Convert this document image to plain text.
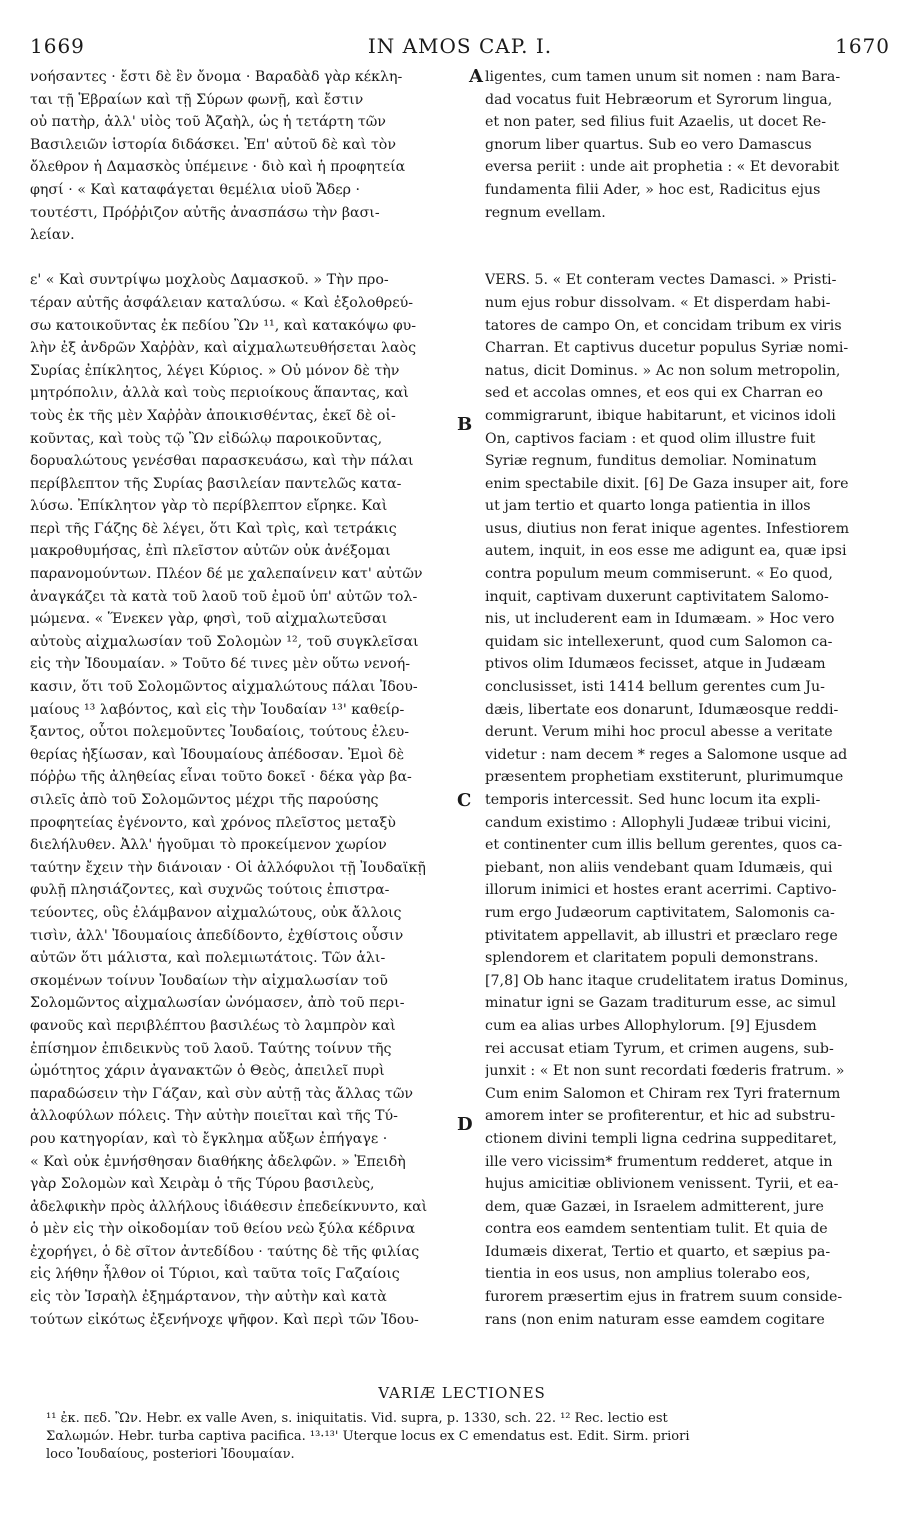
1669	IN AMOS CAP. I.	1670
νοήσαντες · ἔστι δὲ ἓν ὄνομα · Βαραδὰδ γὰρ κέκλη-
ται τῇ Ἑβραίων καὶ τῇ Σύρων φωνῇ, καὶ ἔστιν
οὐ πατὴρ, ἀλλ' υἱὸς τοῦ Ἀζαὴλ, ὡς ἡ τετάρτη τῶν
Βασιλειῶν ἱστορία διδάσκει. Ἐπ' αὐτοῦ δὲ καὶ τὸν
ὄλεθρον ἡ Δαμασκὸς ὑπέμεινε · διὸ καὶ ἡ προφητεία
φησί · « Καὶ καταφάγεται θεμέλια υἱοῦ Ἄδερ ·
τουτέστι, Πρόῤῥιζον αὐτῆς ἀνασπάσω τὴν βασι-
λείαν.
ε' « Καὶ συντρίψω μοχλοὺς Δαμασκοῦ. » Τὴν προ-
τέραν αὐτῆς ἀσφάλειαν καταλύσω. « Καὶ ἐξολοθρεύ-
σω κατοικοῦντας ἐκ πεδίου Ὢν ¹¹, καὶ κατακόψω φυ-
λὴν ἐξ ἀνδρῶν Χαῤῥὰν, καὶ αἰχμαλωτευθήσεται λαὸς
Συρίας ἐπίκλητος, λέγει Κύριος. » Οὐ μόνον δὲ τὴν
μητρόπολιν, ἀλλὰ καὶ τοὺς περιοίκους ἅπαντας, καὶ
τοὺς ἐκ τῆς μὲν Χαῤῥὰν ἀποικισθέντας, ἐκεῖ δὲ οἰ-
κοῦντας, καὶ τοὺς τῷ Ὢν εἰδώλῳ παροικοῦντας,
δορυαλώτους γενέσθαι παρασκευάσω, καὶ τὴν πάλαι
περίβλεπτον τῆς Συρίας βασιλείαν παντελῶς κατα-
λύσω. Ἐπίκλητον γὰρ τὸ περίβλεπτον εἴρηκε. Καὶ
περὶ τῆς Γάζης δὲ λέγει, ὅτι Καὶ τρὶς, καὶ τετράκις
μακροθυμήσας, ἐπὶ πλεῖστον αὐτῶν οὐκ ἀνέξομαι
παρανομούντων. Πλέον δέ με χαλεπαίνειν κατ' αὐτῶν
ἀναγκάζει τὰ κατὰ τοῦ λαοῦ τοῦ ἐμοῦ ὑπ' αὐτῶν τολ-
μώμενα. « Ἕνεκεν γὰρ, φησὶ, τοῦ αἰχμαλωτεῦσαι
αὐτοὺς αἰχμαλωσίαν τοῦ Σολομὼν ¹², τοῦ συγκλεῖσαι
εἰς τὴν Ἰδουμαίαν. » Τοῦτο δέ τινες μὲν οὕτω νενοή-
κασιν, ὅτι τοῦ Σολομῶντος αἰχμαλώτους πάλαι Ἰδου-
μαίους ¹³ λαβόντος, καὶ εἰς τὴν Ἰουδαίαν ¹³' καθείρ-
ξαντος, οὗτοι πολεμοῦντες Ἰουδαίοις, τούτους ἐλευ-
θερίας ἠξίωσαν, καὶ Ἰδουμαίους ἀπέδοσαν. Ἐμοὶ δὲ
πόῤῥω τῆς ἀληθείας εἶναι τοῦτο δοκεῖ · δέκα γὰρ βα-
σιλεῖς ἀπὸ τοῦ Σολομῶντος μέχρι τῆς παρούσης
προφητείας ἐγένοντο, καὶ χρόνος πλεῖστος μεταξὺ
διελήλυθεν. Ἀλλ' ἡγοῦμαι τὸ προκείμενον χωρίον
ταύτην ἔχειν τὴν διάνοιαν · Οἱ ἀλλόφυλοι τῇ Ἰουδαϊκῇ
φυλῇ πλησιάζοντες, καὶ συχνῶς τούτοις ἐπιστρα-
τεύοντες, οὓς ἐλάμβανον αἰχμαλώτους, οὐκ ἄλλοις
τισὶν, ἀλλ' Ἰδουμαίοις ἀπεδίδοντο, ἐχθίστοις οὖσιν
αὐτῶν ὅτι μάλιστα, καὶ πολεμιωτάτοις. Τῶν ἁλι-
σκομένων τοίνυν Ἰουδαίων τὴν αἰχμαλωσίαν τοῦ
Σολομῶντος αἰχμαλωσίαν ὠνόμασεν, ἀπὸ τοῦ περι-
φανοῦς καὶ περιβλέπτου βασιλέως τὸ λαμπρὸν καὶ
ἐπίσημον ἐπιδεικνὺς τοῦ λαοῦ. Ταύτης τοίνυν τῆς
ὠμότητος χάριν ἀγανακτῶν ὁ Θεὸς, ἀπειλεῖ πυρὶ
παραδώσειν τὴν Γάζαν, καὶ σὺν αὐτῇ τὰς ἄλλας τῶν
ἀλλοφύλων πόλεις. Τὴν αὐτὴν ποιεῖται καὶ τῆς Τύ-
ρου κατηγορίαν, καὶ τὸ ἔγκλημα αὔξων ἐπήγαγε ·
« Καὶ οὐκ ἐμνήσθησαν διαθήκης ἀδελφῶν. » Ἐπειδὴ
γὰρ Σολομὼν καὶ Χειρὰμ ὁ τῆς Τύρου βασιλεὺς,
ἀδελφικὴν πρὸς ἀλλήλους ἰδιάθεσιν ἐπεδείκνυντο, καὶ
ὁ μὲν εἰς τὴν οἰκοδομίαν τοῦ θείου νεὼ ξύλα κέδρινα
ἐχορήγει, ὁ δὲ σῖτον ἀντεδίδου · ταύτης δὲ τῆς φιλίας
εἰς λήθην ἦλθον οἱ Τύριοι, καὶ ταῦτα τοῖς Γαζαίοις
εἰς τὸν Ἰσραὴλ ἐξημάρτανον, τὴν αὐτὴν καὶ κατὰ
τούτων εἰκότως ἐξενήνοχε ψῆφον. Καὶ περὶ τῶν Ἰδου-
ligentes, cum tamen unum sit nomen : nam Bara-
dad vocatus fuit Hebræorum et Syrorum lingua,
et non pater, sed filius fuit Azaelis, ut docet Re-
gnorum liber quartus. Sub eo vero Damascus
eversa periit : unde ait prophetia : « Et devorabit
fundamenta filii Ader, » hoc est, Radicitus ejus
regnum evellam.
VERS. 5. « Et conteram vectes Damasci. » Pristi-
num ejus robur dissolvam. « Et disperdam habi-
tatores de campo On, et concidam tribum ex viris
Charran. Et captivus ducetur populus Syriæ nomi-
natus, dicit Dominus. » Ac non solum metropolin,
sed et accolas omnes, et eos qui ex Charran eo
commigrarunt, ibique habitarunt, et vicinos idoli
On, captivos faciam : et quod olim illustre fuit
Syriæ regnum, funditus demoliar. Nominatum
enim spectabile dixit. [6] De Gaza insuper ait, fore
ut jam tertio et quarto longa patientia in illos
usus, diutius non ferat inique agentes. Infestiorem
autem, inquit, in eos esse me adigunt ea, quæ ipsi
contra populum meum commiserunt. « Eo quod,
inquit, captivam duxerunt captivitatem Salomo-
nis, ut includerent eam in Idumæam. » Hoc vero
quidam sic intellexerunt, quod cum Salomon ca-
ptivos olim Idumæos fecisset, atque in Judæam
conclusisset, isti 1414 bellum gerentes cum Ju-
dæis, libertate eos donarunt, Idumæosque reddi-
derunt. Verum mihi hoc procul abesse a veritate
videtur : nam decem * reges a Salomone usque ad
præsentem prophetiam exstiterunt, plurimumque
temporis intercessit. Sed hunc locum ita expli-
candum existimo : Allophyli Judææ tribui vicini,
et continenter cum illis bellum gerentes, quos ca-
piebant, non aliis vendebant quam Idumæis, qui
illorum inimici et hostes erant acerrimi. Captivo-
rum ergo Judæorum captivitatem, Salomonis ca-
ptivitatem appellavit, ab illustri et præclaro rege
splendorem et claritatem populi demonstrans.
[7,8] Ob hanc itaque crudelitatem iratus Dominus,
minatur igni se Gazam traditurum esse, ac simul
cum ea alias urbes Allophylorum. [9] Ejusdem
rei accusat etiam Tyrum, et crimen augens, sub-
junxit : « Et non sunt recordati fœderis fratrum. »
Cum enim Salomon et Chiram rex Tyri fraternum
amorem inter se profiterentur, et hic ad substru-
ctionem divini templi ligna cedrina suppeditaret,
ille vero vicissim* frumentum redderet, atque in
hujus amicitiæ oblivionem venissent. Tyrii, et ea-
dem, quæ Gazæi, in Israelem admitterent, jure
contra eos eamdem sententiam tulit. Et quia de
Idumæis dixerat, Tertio et quarto, et sæpius pa-
tientia in eos usus, non amplius tolerabo eos,
furorem præsertim ejus in fratrem suum conside-
rans (non enim naturam esse eamdem cogitare
A
B
C
D
VARIÆ LECTIONES
¹¹ ἐκ. πεδ. Ὢν. Hebr. ex valle Aven, s. iniquitatis. Vid. supra, p. 1330, sch. 22. ¹² Rec. lectio est
Σαλωμών. Hebr. turba captiva pacifica. ¹³·¹³' Uterque locus ex C emendatus est. Edit. Sirm. priori
loco Ἰουδαίους, posteriori Ἰδουμαίαν.
